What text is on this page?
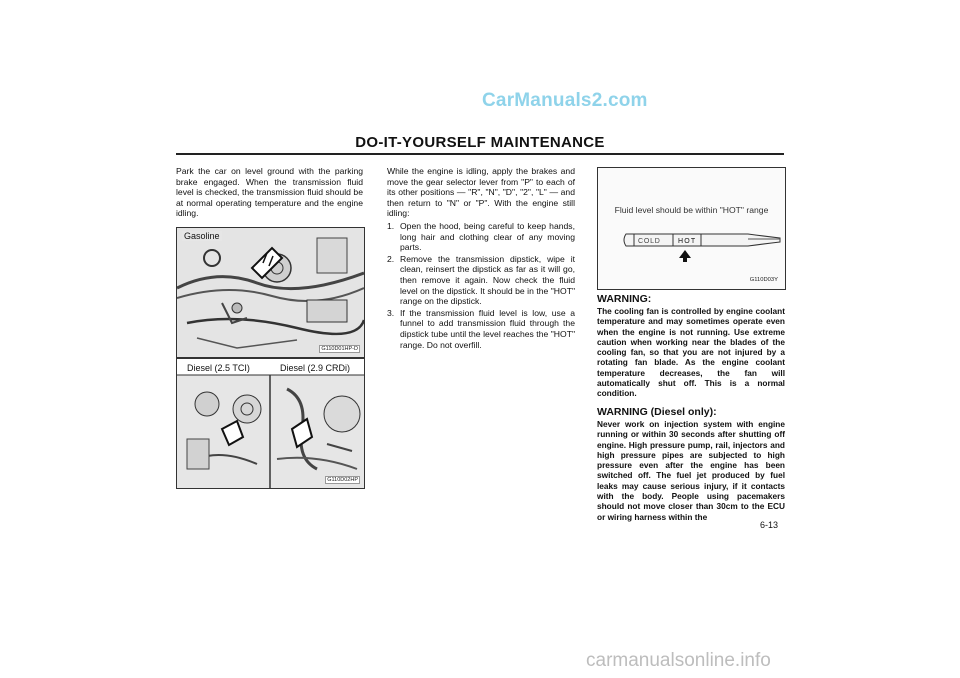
CarManuals2.com
DO-IT-YOURSELF MAINTENANCE
Park the car on level ground with the parking brake engaged. When the transmission fluid level is checked, the transmission fluid should be at normal operating temperature and the engine idling.
Gasoline
G110D01HP-D
Diesel (2.5 TCI)	Diesel (2.9 CRDi)
G110D02HP

While the engine is idling, apply the brakes and move the gear selector lever from "P" to each of its other positions — "R", "N", "D", "2", "L" — and then return to "N" or "P". With the engine still idling:

1. Open the hood, being careful to keep hands, long hair and clothing clear of any moving parts.
2. Remove the transmission dipstick, wipe it clean, reinsert the dipstick as far as it will go, then remove it again. Now check the fluid level on the dipstick. It should be in the "HOT" range on the dipstick.
3. If the transmission fluid level is low, use a funnel to add transmission fluid through the dipstick tube until the level reaches the "HOT" range. Do not overfill.
Fluid level should be within "HOT" range
COLD HOT
G110D03Y
WARNING:
The cooling fan is controlled by engine coolant temperature and may sometimes operate even when the engine is not running. Use extreme caution when working near the blades of the cooling fan, so that you are not injured by a rotating fan blade. As the engine coolant temperature decreases, the fan will automatically shut off. This is a normal condition.
WARNING (Diesel only):
Never work on injection system with engine running or within 30 seconds after shutting off engine. High pressure pump, rail, injectors and high pressure pipes are subjected to high pressure even after the engine has been switched off. The fuel jet produced by fuel leaks may cause serious injury, if it contacts with the body. People using pacemakers should not move closer than 30cm to the ECU or wiring harness within the
6-13
carmanualsonline.info
